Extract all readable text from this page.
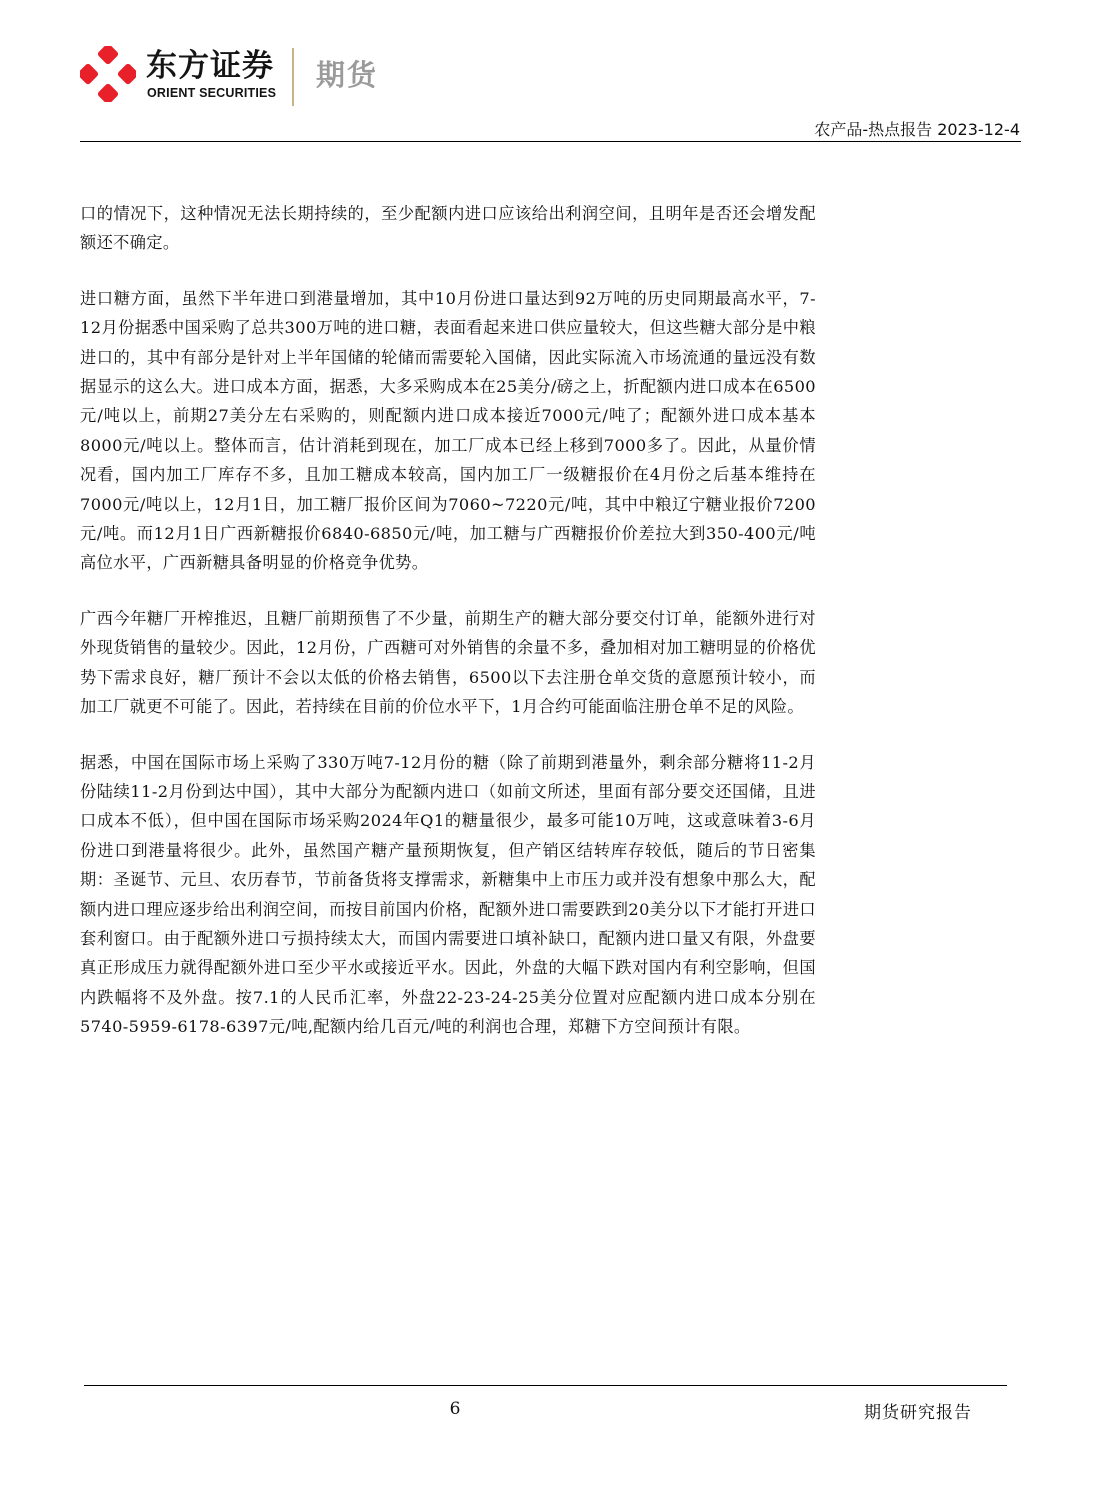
东方证券
ORIENT SECURITIES
期货
农产品-热点报告 2023-12-4

口的情况下，这种情况无法长期持续的，至少配额内进口应该给出利润空间，且明年是否还会增发配额还不确定。

进口糖方面，虽然下半年进口到港量增加，其中10月份进口量达到92万吨的历史同期最高水平，7-12月份据悉中国采购了总共300万吨的进口糖，表面看起来进口供应量较大，但这些糖大部分是中粮进口的，其中有部分是针对上半年国储的轮储而需要轮入国储，因此实际流入市场流通的量远没有数据显示的这么大。进口成本方面，据悉，大多采购成本在25美分/磅之上，折配额内进口成本在6500元/吨以上，前期27美分左右采购的，则配额内进口成本接近7000元/吨了；配额外进口成本基本8000元/吨以上。整体而言，估计消耗到现在，加工厂成本已经上移到7000多了。因此，从量价情况看，国内加工厂库存不多，且加工糖成本较高，国内加工厂一级糖报价在4月份之后基本维持在7000元/吨以上，12月1日，加工糖厂报价区间为7060~7220元/吨，其中中粮辽宁糖业报价7200元/吨。而12月1日广西新糖报价6840-6850元/吨，加工糖与广西糖报价价差拉大到350-400元/吨高位水平，广西新糖具备明显的价格竞争优势。

广西今年糖厂开榨推迟，且糖厂前期预售了不少量，前期生产的糖大部分要交付订单，能额外进行对外现货销售的量较少。因此，12月份，广西糖可对外销售的余量不多，叠加相对加工糖明显的价格优势下需求良好，糖厂预计不会以太低的价格去销售，6500以下去注册仓单交货的意愿预计较小，而加工厂就更不可能了。因此，若持续在目前的价位水平下，1月合约可能面临注册仓单不足的风险。

据悉，中国在国际市场上采购了330万吨7-12月份的糖（除了前期到港量外，剩余部分糖将11-2月份陆续11-2月份到达中国），其中大部分为配额内进口（如前文所述，里面有部分要交还国储，且进口成本不低），但中国在国际市场采购2024年Q1的糖量很少，最多可能10万吨，这或意味着3-6月份进口到港量将很少。此外，虽然国产糖产量预期恢复，但产销区结转库存较低，随后的节日密集期：圣诞节、元旦、农历春节，节前备货将支撑需求，新糖集中上市压力或并没有想象中那么大，配额内进口理应逐步给出利润空间，而按目前国内价格，配额外进口需要跌到20美分以下才能打开进口套利窗口。由于配额外进口亏损持续太大，而国内需要进口填补缺口，配额内进口量又有限，外盘要真正形成压力就得配额外进口至少平水或接近平水。因此，外盘的大幅下跌对国内有利空影响，但国内跌幅将不及外盘。按7.1的人民币汇率，外盘22-23-24-25美分位置对应配额内进口成本分别在5740-5959-6178-6397元/吨,配额内给几百元/吨的利润也合理，郑糖下方空间预计有限。

6	期货研究报告
